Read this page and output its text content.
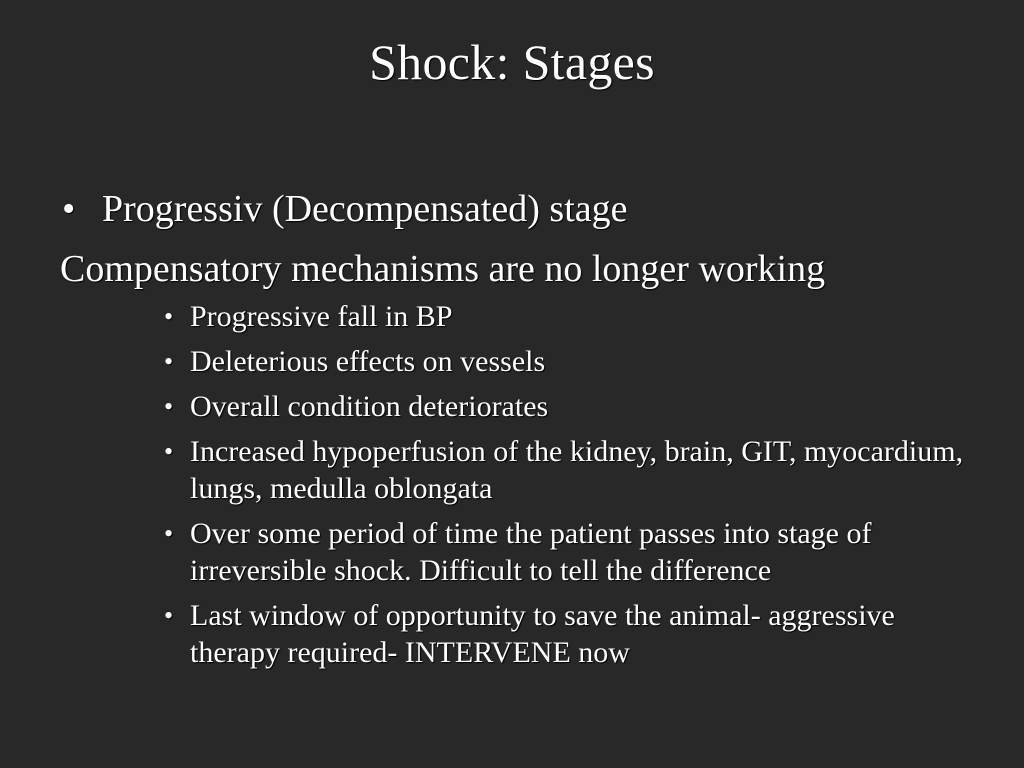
Shock: Stages
• Progressiv (Decompensated) stage
Compensatory mechanisms are no longer working
• Progressive fall in BP
• Deleterious effects on vessels
• Overall condition deteriorates
• Increased hypoperfusion of the kidney, brain, GIT, myocardium, lungs, medulla oblongata
• Over some period of time the patient passes into stage of irreversible shock. Difficult to tell the difference
• Last window of opportunity to save the animal- aggressive therapy required- INTERVENE now
